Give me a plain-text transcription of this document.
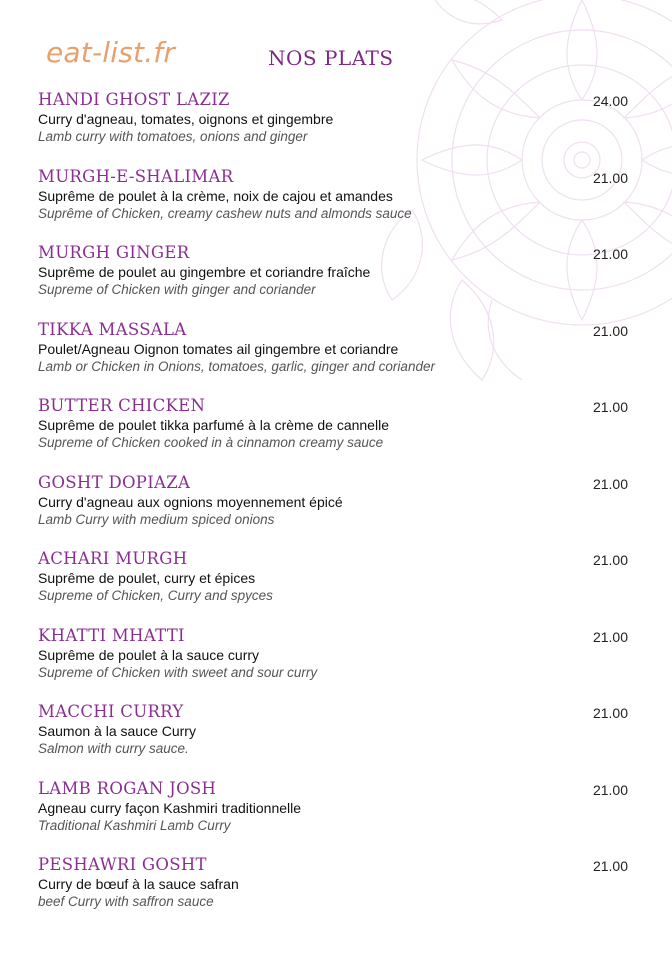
eat-list.fr	NOS PLATS
HANDI GHOST LAZIZ	24.00
Curry d'agneau, tomates, oignons et gingembre
Lamb curry with tomatoes, onions and ginger
MURGH-E-SHALIMAR	21.00
Suprême de poulet à la crème, noix de cajou et amandes
Suprême of Chicken, creamy cashew nuts and almonds sauce
MURGH GINGER	21.00
Suprême de poulet au gingembre et coriandre fraîche
Supreme of Chicken with ginger and coriander
TIKKA MASSALA	21.00
Poulet/Agneau Oignon tomates ail gingembre et coriandre
Lamb or Chicken in Onions, tomatoes, garlic, ginger and coriander
BUTTER CHICKEN	21.00
Suprême de poulet tikka parfumé à la crème de cannelle
Supreme of Chicken cooked in à cinnamon creamy sauce
GOSHT DOPIAZA	21.00
Curry d'agneau aux ognions moyennement épicé
Lamb Curry with medium spiced onions
ACHARI MURGH	21.00
Suprême de poulet, curry et épices
Supreme of Chicken, Curry and spyces
KHATTI MHATTI	21.00
Suprême de poulet à la sauce curry
Supreme of Chicken with sweet and sour curry
MACCHI CURRY	21.00
Saumon à la sauce Curry
Salmon with curry sauce.
LAMB ROGAN JOSH	21.00
Agneau curry façon Kashmiri traditionnelle
Traditional Kashmiri Lamb Curry
PESHAWRI GOSHT	21.00
Curry de bœuf à la sauce safran
beef Curry with saffron sauce
